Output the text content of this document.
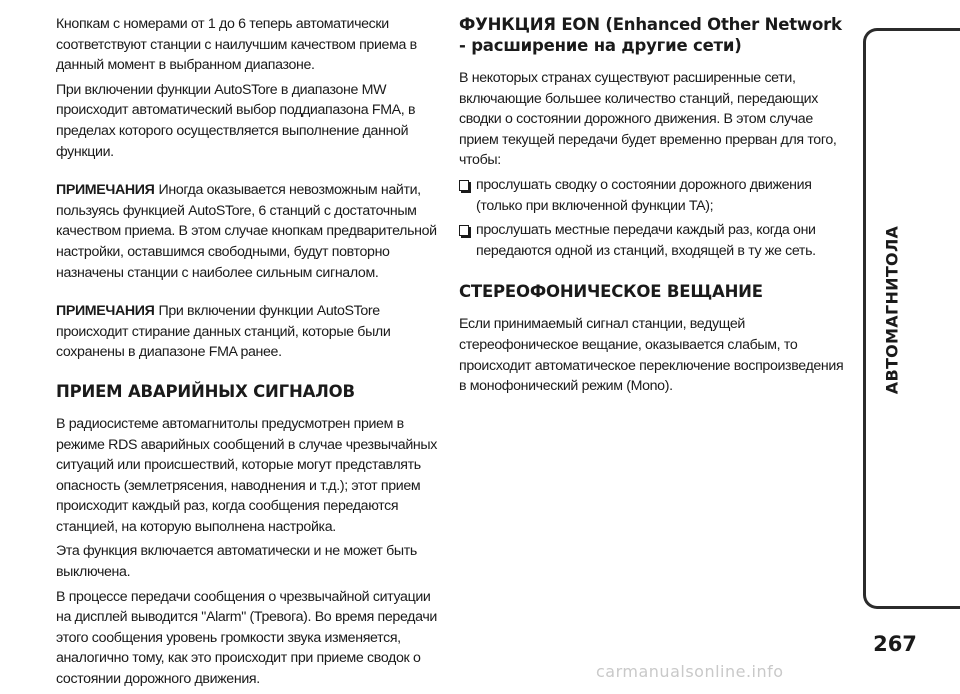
Кнопкам с номерами от 1 до 6 теперь автоматически соответствуют станции с наилучшим качеством приема в данный момент в выбранном диапазоне.

При включении функции AutoSTore в диапазоне MW происходит автоматический выбор поддиапазона FMA, в пределах которого осуществляется выполнение данной функции.

ПРИМЕЧАНИЯ Иногда оказывается невозможным найти, пользуясь функцией AutoSTore, 6 станций с достаточным качеством приема. В этом случае кнопкам предварительной настройки, оставшимся свободными, будут повторно назначены станции с наиболее сильным сигналом.

ПРИМЕЧАНИЯ При включении функции AutoSTore происходит стирание данных станций, которые были сохранены в диапазоне FMA ранее.

ПРИЕМ АВАРИЙНЫХ СИГНАЛОВ

В радиосистеме автомагнитолы предусмотрен прием в режиме RDS аварийных сообщений в случае чрезвычайных ситуаций или происшествий, которые могут представлять опасность (землетрясения, наводнения и т.д.); этот прием происходит каждый раз, когда сообщения передаются станцией, на которую выполнена настройка.

Эта функция включается автоматически и не может быть выключена.

В процессе передачи сообщения о чрезвычайной ситуации на дисплей выводится "Alarm" (Тревога). Во время передачи этого сообщения уровень громкости звука изменяется, аналогично тому, как это происходит при приеме сводок о состоянии дорожного движения.

ФУНКЦИЯ EON (Enhanced Other Network - расширение на другие сети)

В некоторых странах существуют расширенные сети, включающие большее количество станций, передающих сводки о состоянии дорожного движения. В этом случае прием текущей передачи будет временно прерван для того, чтобы:

прослушать сводку о состоянии дорожного движения (только при включенной функции TA);
прослушать местные передачи каждый раз, когда они передаются одной из станций, входящей в ту же сеть.
СТЕРЕОФОНИЧЕСКОЕ ВЕЩАНИЕ

Если принимаемый сигнал станции, ведущей стереофоническое вещание, оказывается слабым, то происходит автоматическое переключение воспроизведения в монофонический режим (Mono).	АВТОМАГНИТОЛА
267
carmanualsonline.info
